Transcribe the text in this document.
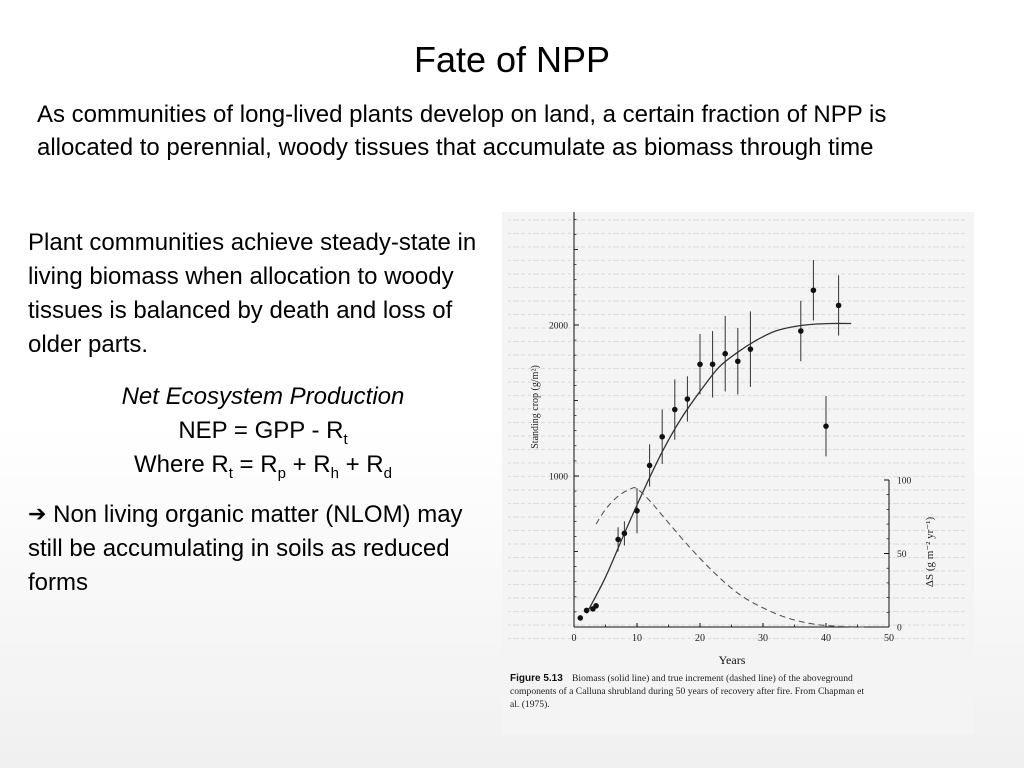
Fate of NPP
As communities of long-lived plants develop on land, a certain fraction of NPP is allocated to perennial, woody tissues that accumulate as biomass through time

Plant communities achieve steady-state in living biomass when allocation to woody tissues is balanced by death and loss of older parts.

Net Ecosystem Production

NEP = GPP - $R_t$

Where $R_t = R_p + R_h + R_d$

➔ Non living organic matter (NLOM) may still be accumulating in soils as reduced forms

0	10	20	30	40	50
1000
2000
0
50
100
Standing crop (g/m²)
ΔS (g m⁻² yr⁻¹)
Years
Figure 5.13 Biomass (solid line) and true increment (dashed line) of the aboveground
components of a Calluna shrubland during 50 years of recovery after fire. From Chapman et
al. (1975).
